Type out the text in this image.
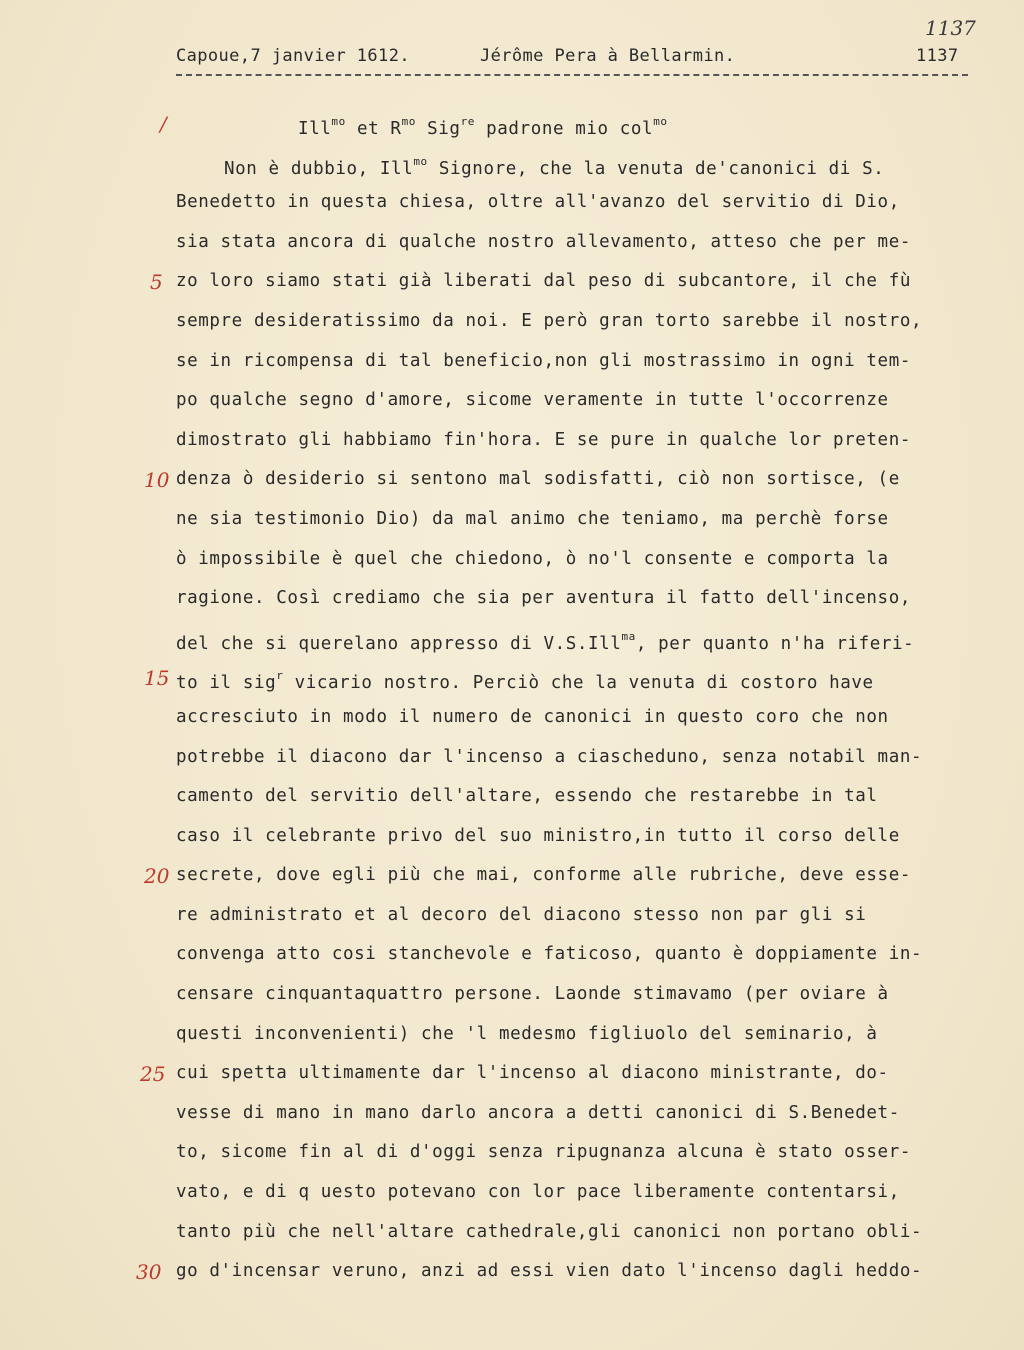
1137

Capoue,7 janvier 1612.

	Jérôme Pera à Bellarmin.

	1137

/
5
10
15
20
25
30
Ill$^{mo}$ et $R^{mo}$ Sig$^{re}$ padrone mio col$^{mo}$
Non è dubbio, Ill$^{mo}$ Signore, che la venuta de'canonici di S.
Benedetto in questa chiesa, oltre all'avanzo del servitio di Dio,
sia stata ancora di qualche nostro allevamento, atteso che per me-
zo loro siamo stati già liberati dal peso di subcantore, il che fù
sempre desideratissimo da noi. E però gran torto sarebbe il nostro,
se in ricompensa di tal beneficio,non gli mostrassimo in ogni tem-
po qualche segno d'amore, sicome veramente in tutte l'occorrenze
dimostrato gli habbiamo fin'hora. E se pure in qualche lor preten-
denza ò desiderio si sentono mal sodisfatti, ciò non sortisce, (e
ne sia testimonio Dio) da mal animo che teniamo, ma perchè forse
ò impossibile è quel che chiedono, ò no'l consente e comporta la
ragione. Così crediamo che sia per aventura il fatto dell'incenso,
del che si querelano appresso di V.S.Ill$^{ma}$, per quanto n'ha riferi-
to il sig$^r$ vicario nostro. Perciò che la venuta di costoro have
accresciuto in modo il numero de canonici in questo coro che non
potrebbe il diacono dar l'incenso a ciascheduno, senza notabil man-
camento del servitio dell'altare, essendo che restarebbe in tal
caso il celebrante privo del suo ministro,in tutto il corso delle
secrete, dove egli più che mai, conforme alle rubriche, deve esse-
re administrato et al decoro del diacono stesso non par gli si
convenga atto cosi stanchevole e faticoso, quanto è doppiamente in-
censare cinquantaquattro persone. Laonde stimavamo (per oviare à
questi inconvenienti) che 'l medesmo figliuolo del seminario, à
cui spetta ultimamente dar l'incenso al diacono ministrante, do-
vesse di mano in mano darlo ancora a detti canonici di S.Benedet-
to, sicome fin al di d'oggi senza ripugnanza alcuna è stato osser-
vato, e di q uesto potevano con lor pace liberamente contentarsi,
tanto più che nell'altare cathedrale,gli canonici non portano obli-
go d'incensar veruno, anzi ad essi vien dato l'incenso dagli heddo-
